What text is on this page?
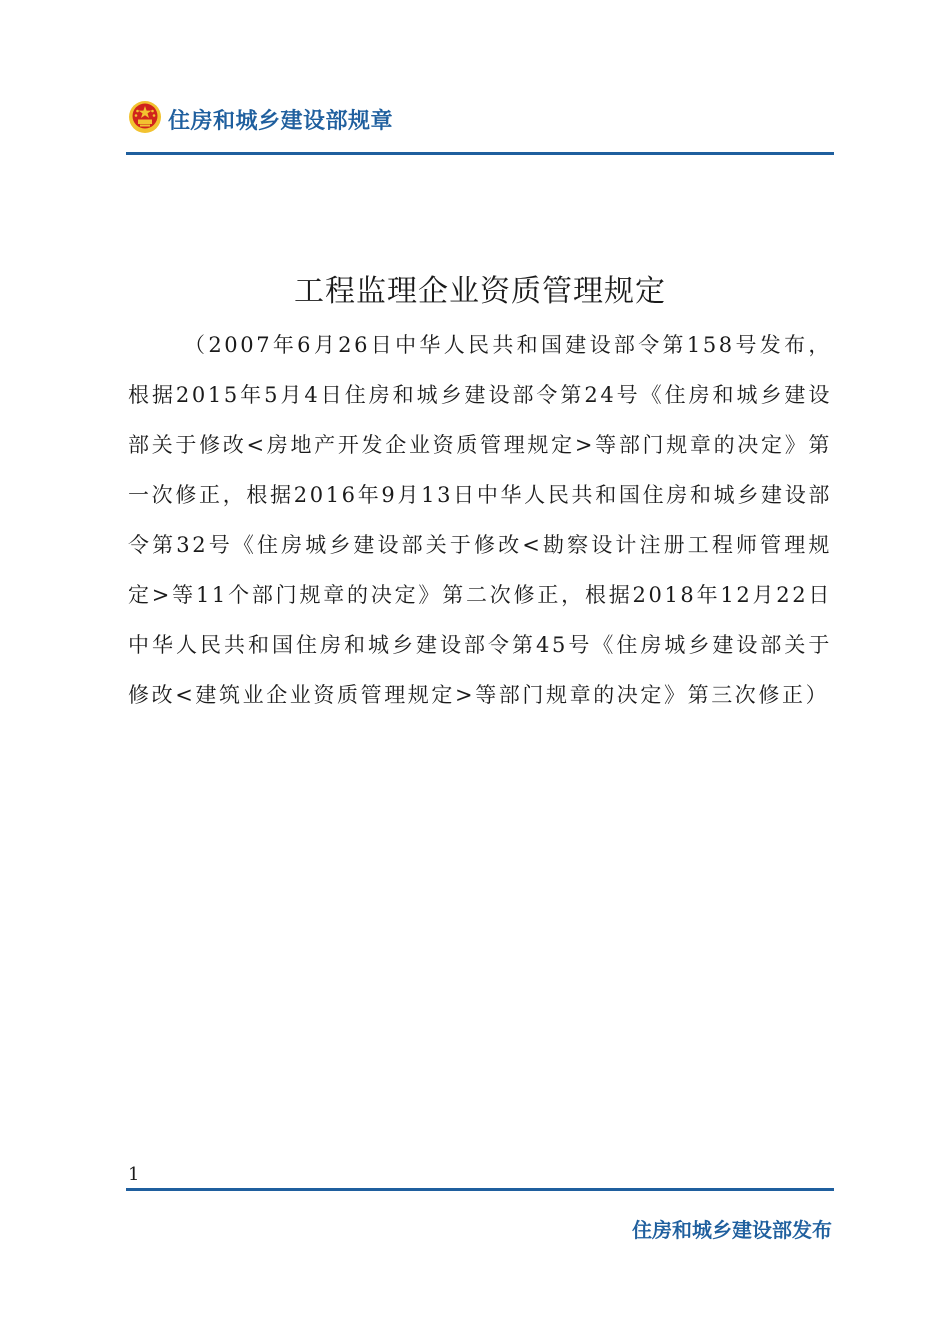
住房和城乡建设部规章
工程监理企业资质管理规定

（2007年6月26日中华人民共和国建设部令第158号发布，根据2015年5月4日住房和城乡建设部令第24号《住房和城乡建设部关于修改<房地产开发企业资质管理规定>等部门规章的决定》第一次修正，根据2016年9月13日中华人民共和国住房和城乡建设部令第32号《住房城乡建设部关于修改<勘察设计注册工程师管理规定>等11个部门规章的决定》第二次修正，根据2018年12月22日中华人民共和国住房和城乡建设部令第45号《住房城乡建设部关于修改<建筑业企业资质管理规定>等部门规章的决定》第三次修正）

1
住房和城乡建设部发布
